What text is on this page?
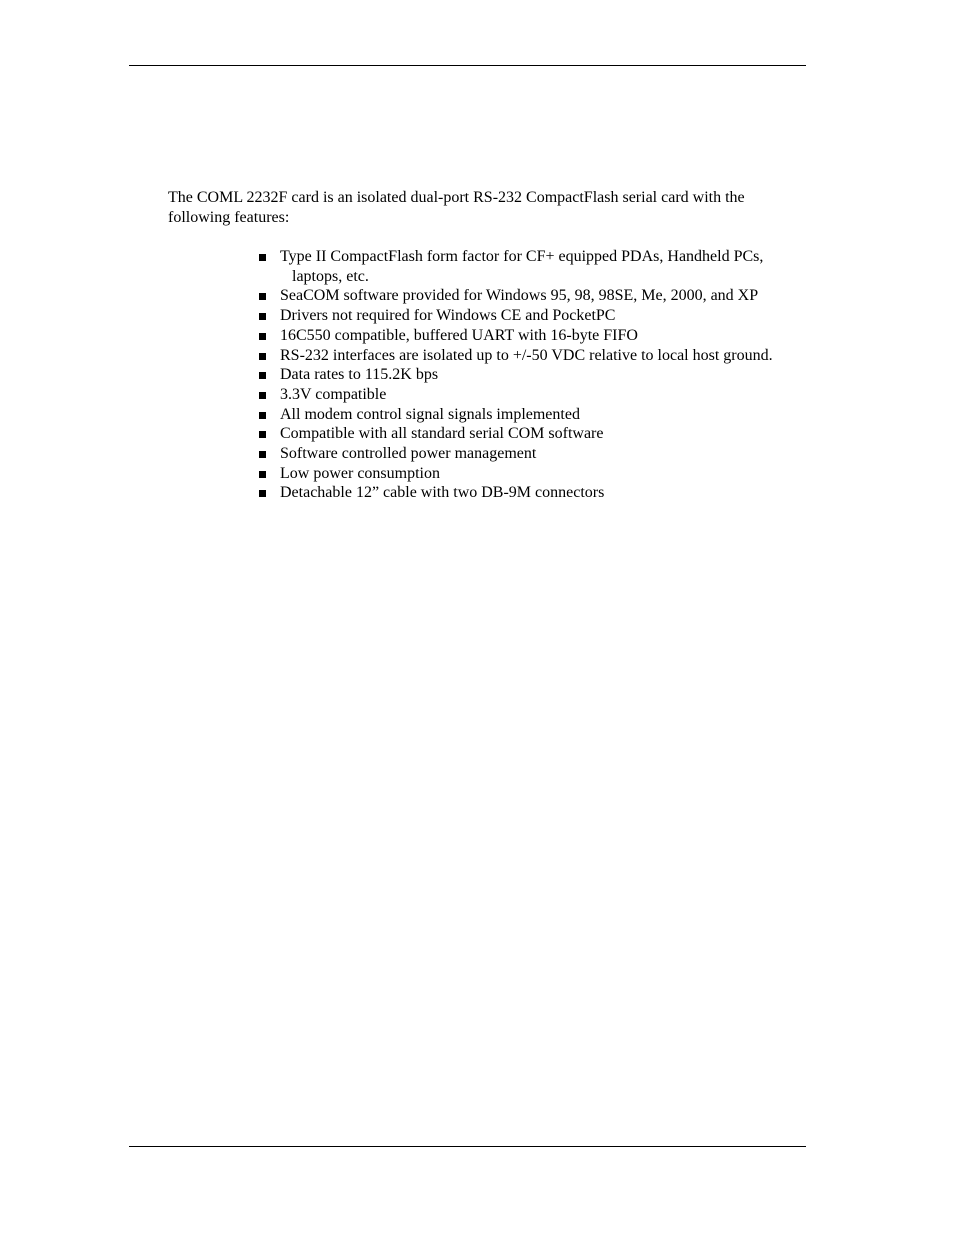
The COML 2232F card is an isolated dual-port RS-232 CompactFlash serial card with the
following features:

Type II CompactFlash form factor for CF+ equipped PDAs, Handheld PCs,
laptops, etc.
SeaCOM software provided for Windows 95, 98, 98SE, Me, 2000, and XP
Drivers not required for Windows CE and PocketPC
16C550 compatible, buffered UART with 16-byte FIFO
RS-232 interfaces are isolated up to +/-50 VDC relative to local host ground.
Data rates to 115.2K bps
3.3V compatible
All modem control signal signals implemented
Compatible with all standard serial COM software
Software controlled power management
Low power consumption
Detachable 12” cable with two DB-9M connectors
